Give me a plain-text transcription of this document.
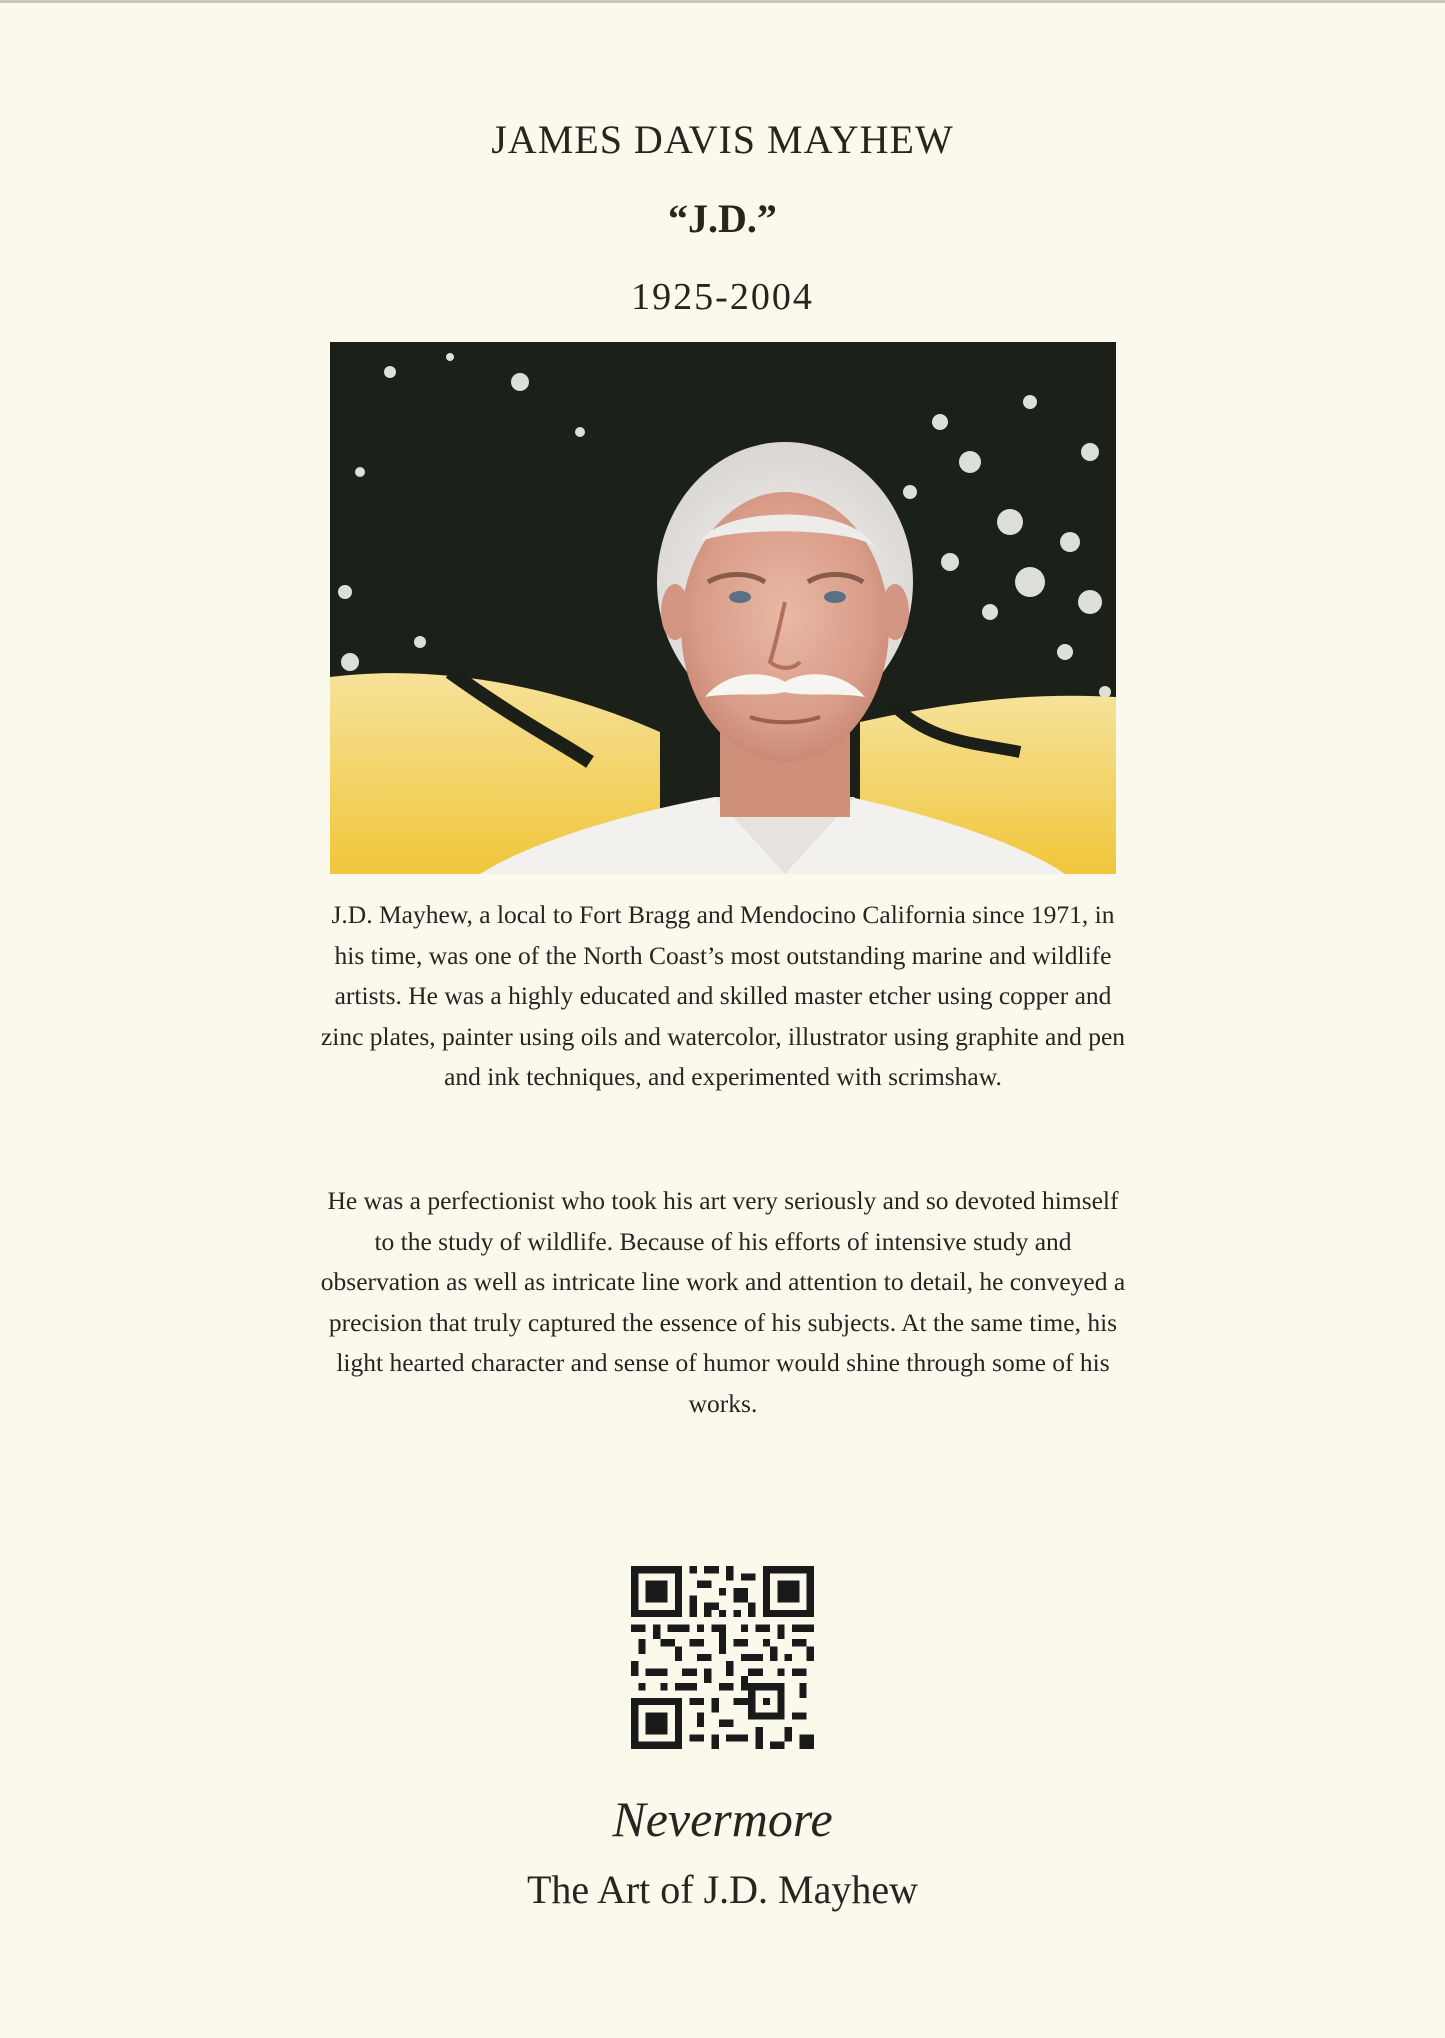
JAMES DAVIS MAYHEW
“J.D.”
1925-2004
J.D. Mayhew, a local to Fort Bragg and Mendocino California since 1971, in his time, was one of the North Coast’s most outstanding marine and wildlife artists. He was a highly educated and skilled master etcher using copper and zinc plates, painter using oils and watercolor, illustrator using graphite and pen and ink techniques, and experimented with scrimshaw.
He was a perfectionist who took his art very seriously and so devoted himself to the study of wildlife. Because of his efforts of intensive study and observation as well as intricate line work and attention to detail, he conveyed a precision that truly captured the essence of his subjects. At the same time, his light hearted character and sense of humor would shine through some of his works.
Nevermore
The Art of J.D. Mayhew
